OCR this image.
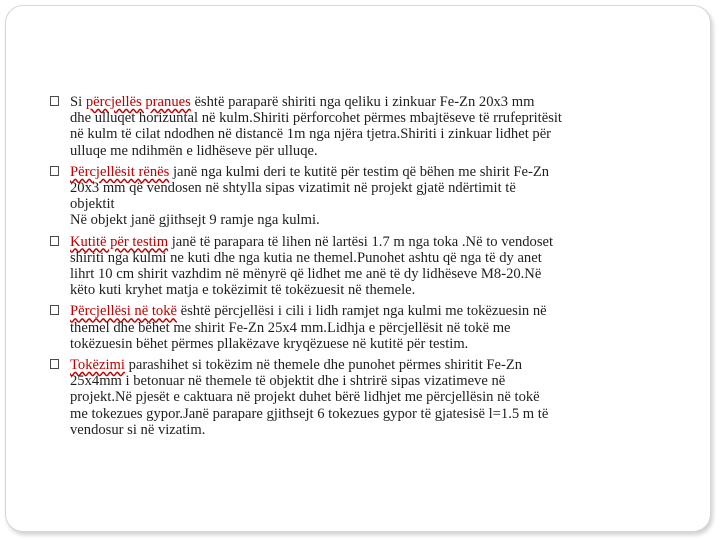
Si përcjellës pranues është paraparë shiriti nga qeliku i zinkuar Fe-Zn 20x3 mm
dhe ulluqet horizuntal në kulm.Shiriti përforcohet përmes mbajtëseve të rrufepritësit
në kulm të cilat ndodhen në distancë 1m nga njëra tjetra.Shiriti i zinkuar lidhet për
ulluqe me ndihmën e lidhëseve për ulluqe.
Përcjellësit rënës janë nga kulmi deri te kutitë për testim që bëhen me shirit Fe-Zn
20x3 mm që vendosen në shtylla sipas vizatimit në projekt gjatë ndërtimit të
objektit
Në objekt janë gjithsejt 9 ramje nga kulmi.
Kutitë për testim janë të parapara të lihen në lartësi 1.7 m nga toka .Në to vendoset
shiriti nga kulmi ne kuti dhe nga kutia ne themel.Punohet ashtu që nga të dy anet
lihrt 10 cm shirit vazhdim në mënyrë që lidhet me anë të dy lidhëseve M8-20.Në
këto kuti kryhet matja e tokëzimit të tokëzuesit në themele.
Përcjellësi në tokë është përcjellësi i cili i lidh ramjet nga kulmi me tokëzuesin në
themel dhe bëhet me shirit Fe-Zn 25x4 mm.Lidhja e përcjellësit në tokë me
tokëzuesin bëhet përmes pllakëzave kryqëzuese në kutitë për testim.
Tokëzimi parashihet si tokëzim në themele dhe punohet përmes shiritit Fe-Zn
25x4mm i betonuar në themele të objektit dhe i shtrirë sipas vizatimeve në
projekt.Në pjesët e caktuara në projekt duhet bërë lidhjet me përcjellësin në tokë
me tokezues gypor.Janë parapare gjithsejt 6 tokezues gypor të gjatesisë l=1.5 m të
vendosur si në vizatim.
